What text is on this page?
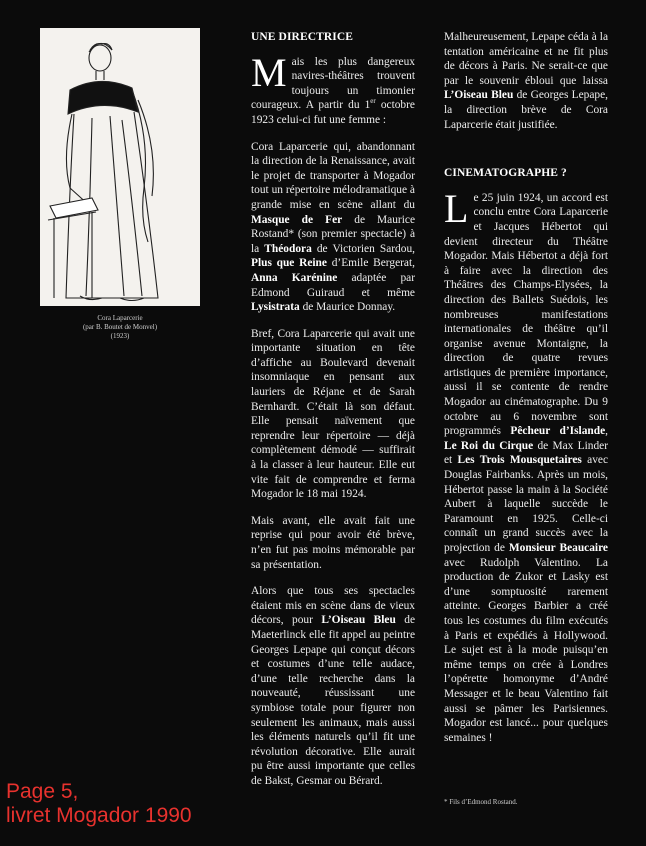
Cora Laparcerie
(par B. Boutet de Monvel)
(1923)
UNE DIRECTRICE

Mais les plus dangereux navires-théâtres trouvent toujours un timonier courageux. A partir du 1er octobre 1923 celui-ci fut une femme :

Cora Laparcerie qui, abandonnant la direction de la Renaissance, avait le projet de transporter à Mogador tout un répertoire mélodramatique à grande mise en scène allant du Masque de Fer de Maurice Rostand* (son premier spectacle) à la Théodora de Victorien Sardou, Plus que Reine d’Emile Bergerat, Anna Karénine adaptée par Edmond Guiraud et même Lysistrata de Maurice Donnay.

Bref, Cora Laparcerie qui avait une importante situation en tête d’affiche au Boulevard devenait insomniaque en pensant aux lauriers de Réjane et de Sarah Bernhardt. C’était là son défaut. Elle pensait naïvement que reprendre leur répertoire — déjà complètement démodé — suffirait à la classer à leur hauteur. Elle eut vite fait de comprendre et ferma Mogador le 18 mai 1924.

Mais avant, elle avait fait une reprise qui pour avoir été brève, n’en fut pas moins mémorable par sa présentation.

Alors que tous ses spectacles étaient mis en scène dans de vieux décors, pour L’Oiseau Bleu de Maeterlinck elle fit appel au peintre Georges Lepape qui conçut décors et costumes d’une telle audace, d’une telle recherche dans la nouveauté, réussissant une symbiose totale pour figurer non seulement les animaux, mais aussi les éléments naturels qu’il fit une révolution décorative. Elle aurait pu être aussi importante que celles de Bakst, Gesmar ou Bérard.

Malheureusement, Lepape céda à la tentation américaine et ne fit plus de décors à Paris. Ne serait-ce que par le souvenir ébloui que laissa L’Oiseau Bleu de Georges Lepape, la direction brève de Cora Laparcerie était justifiée.

CINEMATOGRAPHE ?

Le 25 juin 1924, un accord est conclu entre Cora Laparcerie et Jacques Hébertot qui devient directeur du Théâtre Mogador. Mais Hébertot a déjà fort à faire avec la direction des Théâtres des Champs-Elysées, la direction des Ballets Suédois, les nombreuses manifestations internationales de théâtre qu’il organise avenue Montaigne, la direction de quatre revues artistiques de première importance, aussi il se contente de rendre Mogador au cinématographe. Du 9 octobre au 6 novembre sont programmés Pêcheur d’Islande, Le Roi du Cirque de Max Linder et Les Trois Mousquetaires avec Douglas Fairbanks. Après un mois, Hébertot passe la main à la Société Aubert à laquelle succède le Paramount en 1925. Celle-ci connaît un grand succès avec la projection de Monsieur Beaucaire avec Rudolph Valentino. La production de Zukor et Lasky est d’une somptuosité rarement atteinte. Georges Barbier a créé tous les costumes du film exécutés à Paris et expédiés à Hollywood. Le sujet est à la mode puisqu’en même temps on crée à Londres l’opérette homonyme d’André Messager et le beau Valentino fait aussi se pâmer les Parisiennes. Mogador est lancé... pour quelques semaines !

* Fils d’Edmond Rostand.
Page 5,
livret Mogador 1990
